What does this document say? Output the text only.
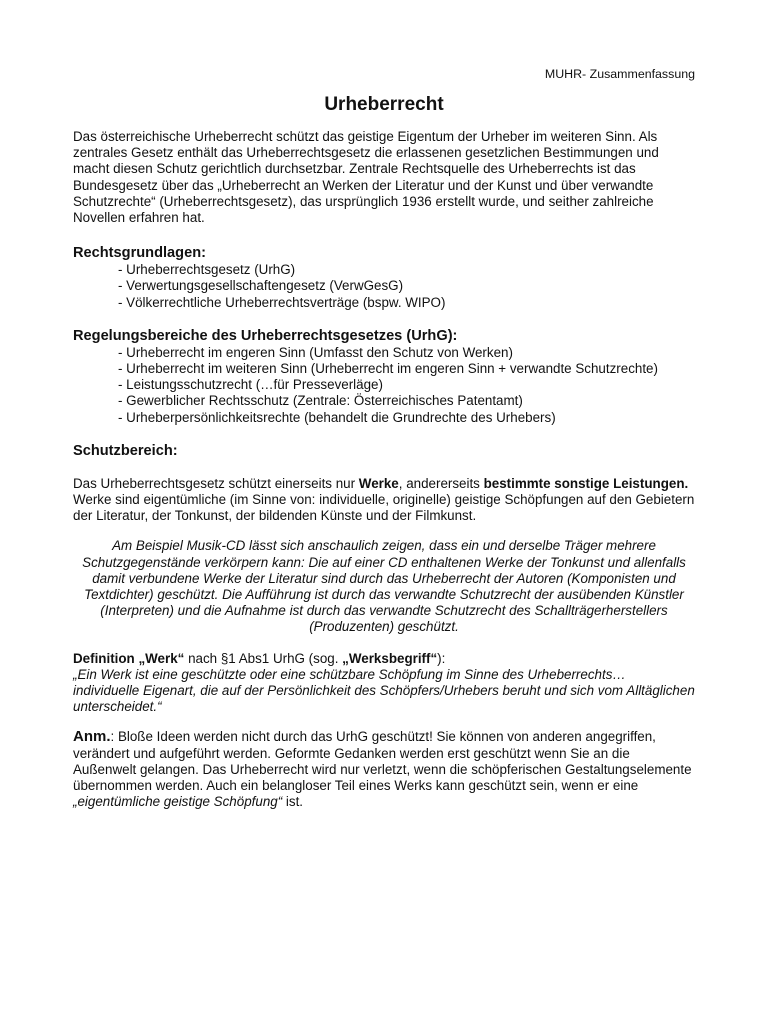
MUHR- Zusammenfassung

Urheberrecht

Das österreichische Urheberrecht schützt das geistige Eigentum der Urheber im weiteren Sinn. Als zentrales Gesetz enthält das Urheberrechtsgesetz die erlassenen gesetzlichen Bestimmungen und macht diesen Schutz gerichtlich durchsetzbar. Zentrale Rechtsquelle des Urheberrechts ist das Bundesgesetz über das „Urheberrecht an Werken der Literatur und der Kunst und über verwandte Schutzrechte“ (Urheberrechtsgesetz), das ursprünglich 1936 erstellt wurde, und seither zahlreiche Novellen erfahren hat.

Rechtsgrundlagen:
- Urheberrechtsgesetz (UrhG)
- Verwertungsgesellschaftengesetz (VerwGesG)
- Völkerrechtliche Urheberrechtsverträge (bspw. WIPO)
Regelungsbereiche des Urheberrechtsgesetzes (UrhG):
- Urheberrecht im engeren Sinn (Umfasst den Schutz von Werken)
- Urheberrecht im weiteren Sinn (Urheberrecht im engeren Sinn + verwandte Schutzrechte)
- Leistungsschutzrecht (…für Presseverläge)
- Gewerblicher Rechtsschutz (Zentrale: Österreichisches Patentamt)
- Urheberpersönlichkeitsrechte (behandelt die Grundrechte des Urhebers)
Schutzbereich:

Das Urheberrechtsgesetz schützt einerseits nur Werke, andererseits bestimmte sonstige Leistungen. Werke sind eigentümliche (im Sinne von: individuelle, originelle) geistige Schöpfungen auf den Gebietern der Literatur, der Tonkunst, der bildenden Künste und der Filmkunst.

Am Beispiel Musik-CD lässt sich anschaulich zeigen, dass ein und derselbe Träger mehrere Schutzgegenstände verkörpern kann: Die auf einer CD enthaltenen Werke der Tonkunst und allenfalls damit verbundene Werke der Literatur sind durch das Urheberrecht der Autoren (Komponisten und Textdichter) geschützt. Die Aufführung ist durch das verwandte Schutzrecht der ausübenden Künstler (Interpreten) und die Aufnahme ist durch das verwandte Schutzrecht des Schallträgerherstellers (Produzenten) geschützt.

Definition „Werk“ nach §1 Abs1 UrhG (sog. „Werksbegriff“):

„Ein Werk ist eine geschützte oder eine schützbare Schöpfung im Sinne des Urheberrechts… individuelle Eigenart, die auf der Persönlichkeit des Schöpfers/Urhebers beruht und sich vom Alltäglichen unterscheidet.“

Anm.: Bloße Ideen werden nicht durch das UrhG geschützt! Sie können von anderen angegriffen, verändert und aufgeführt werden. Geformte Gedanken werden erst geschützt wenn Sie an die Außenwelt gelangen. Das Urheberrecht wird nur verletzt, wenn die schöpferischen Gestaltungselemente übernommen werden. Auch ein belangloser Teil eines Werks kann geschützt sein, wenn er eine „eigentümliche geistige Schöpfung“ ist.
